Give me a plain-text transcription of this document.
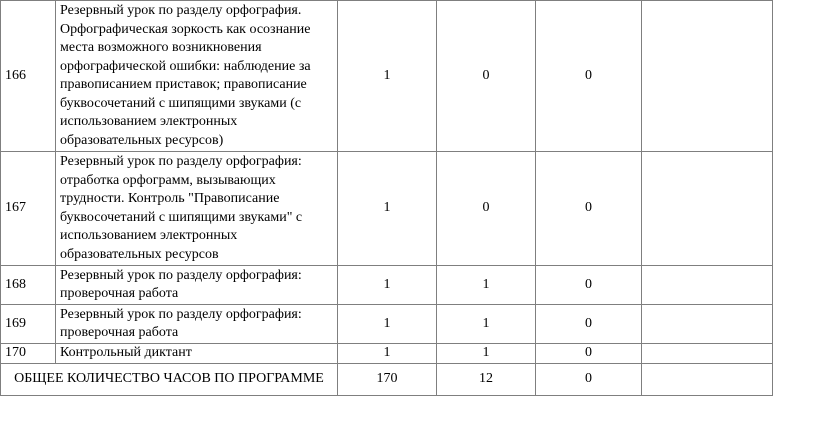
166	Резервный урок по разделу орфография. Орфографическая зоркость как осознание места возможного возникновения орфографической ошибки: наблюдение за правописанием приставок; правописание буквосочетаний с шипящими звуками (с использованием электронных образовательных ресурсов)	1	0	0	
167	Резервный урок по разделу орфография: отработка орфограмм, вызывающих трудности. Контроль "Правописание буквосочетаний с шипящими звуками" с использованием электронных образовательных ресурсов	1	0	0	
168	Резервный урок по разделу орфография: проверочная работа	1	1	0	
169	Резервный урок по разделу орфография: проверочная работа	1	1	0	
170	Контрольный диктант	1	1	0	
ОБЩЕЕ КОЛИЧЕСТВО ЧАСОВ ПО ПРОГРАММЕ		170	12	0	
